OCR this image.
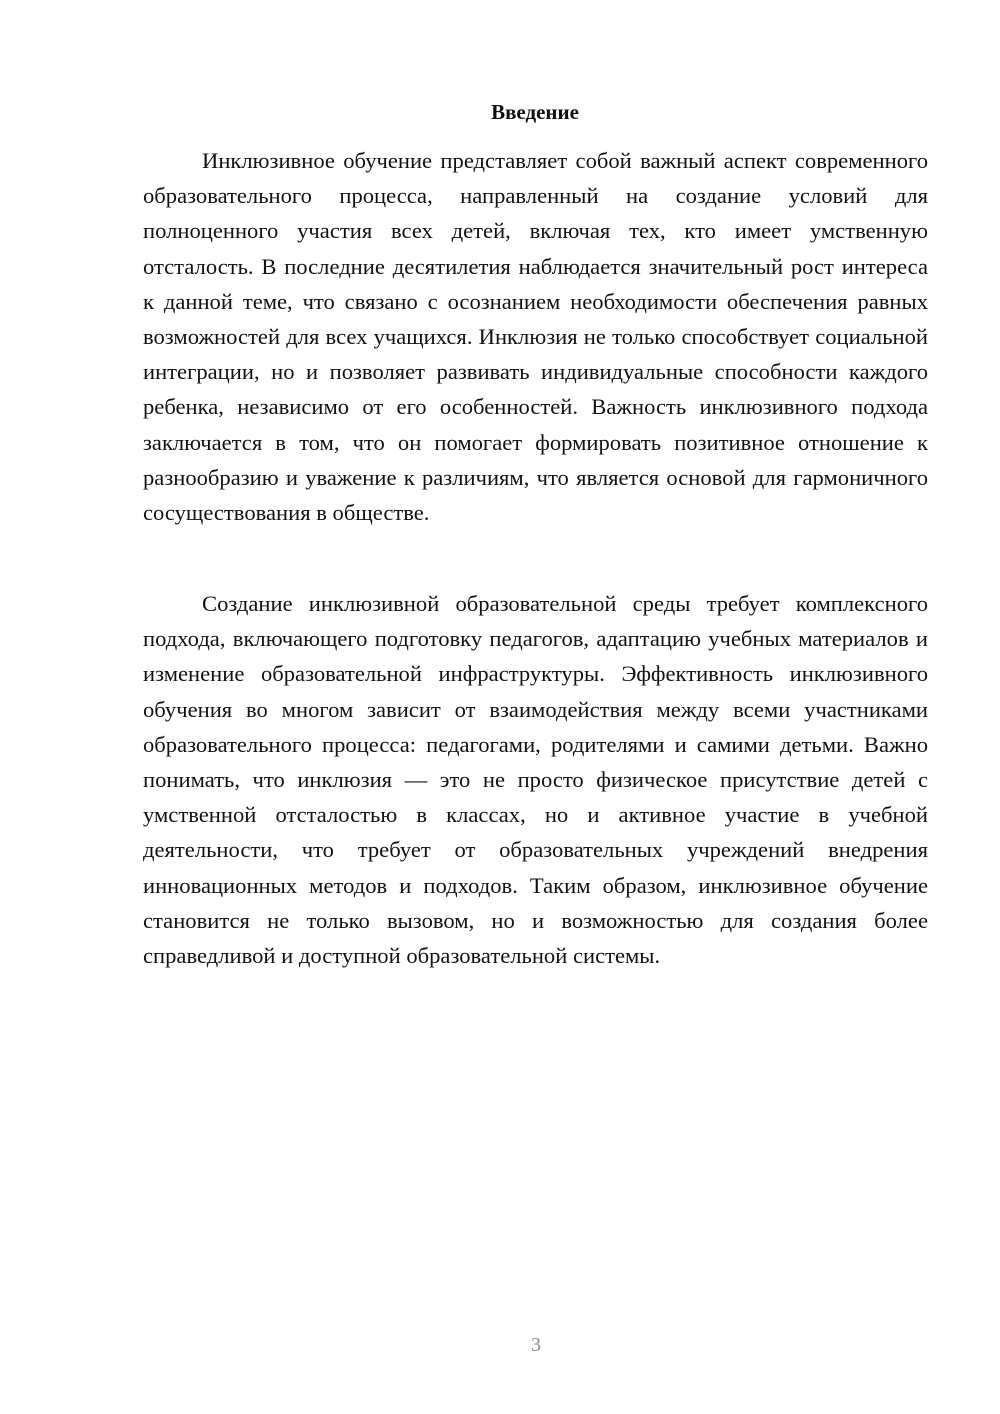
Введение

Инклюзивное обучение представляет собой важный аспект современного образовательного процесса, направленный на создание условий для полноценного участия всех детей, включая тех, кто имеет умственную отсталость. В последние десятилетия наблюдается значительный рост интереса к данной теме, что связано с осознанием необходимости обеспечения равных возможностей для всех учащихся. Инклюзия не только способствует социальной интеграции, но и позволяет развивать индивидуальные способности каждого ребенка, независимо от его особенностей. Важность инклюзивного подхода заключается в том, что он помогает формировать позитивное отношение к разнообразию и уважение к различиям, что является основой для гармоничного сосуществования в обществе.

Создание инклюзивной образовательной среды требует комплексного подхода, включающего подготовку педагогов, адаптацию учебных материалов и изменение образовательной инфраструктуры. Эффективность инклюзивного обучения во многом зависит от взаимодействия между всеми участниками образовательного процесса: педагогами, родителями и самими детьми. Важно понимать, что инклюзия — это не просто физическое присутствие детей с умственной отсталостью в классах, но и активное участие в учебной деятельности, что требует от образовательных учреждений внедрения инновационных методов и подходов. Таким образом, инклюзивное обучение становится не только вызовом, но и возможностью для создания более справедливой и доступной образовательной системы.

3
